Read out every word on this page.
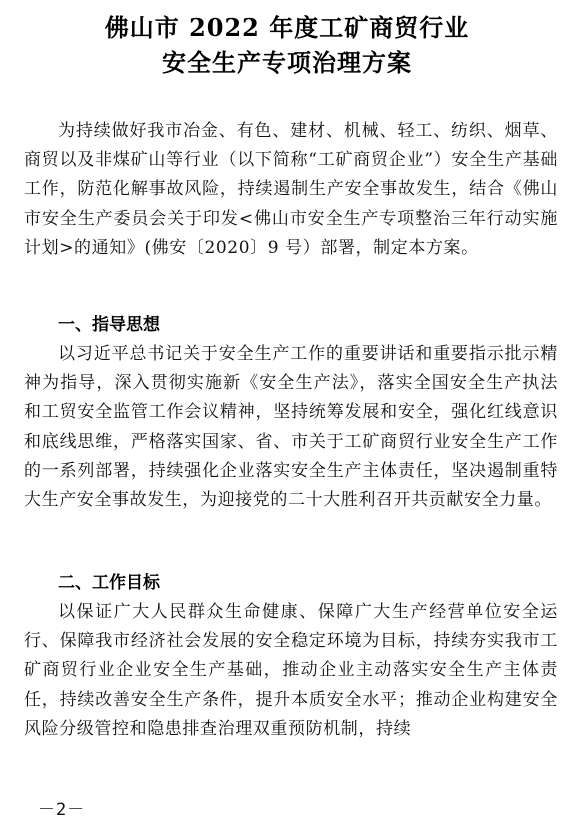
佛山市 2022 年度工矿商贸行业
安全生产专项治理方案
为持续做好我市冶金、有色、建材、机械、轻工、纺织、烟草、商贸以及非煤矿山等行业（以下简称“工矿商贸企业”）安全生产基础工作，防范化解事故风险，持续遏制生产安全事故发生，结合《佛山市安全生产委员会关于印发<佛山市安全生产专项整治三年行动实施计划>的通知》(佛安〔2020〕9 号）部署，制定本方案。
一、指导思想
以习近平总书记关于安全生产工作的重要讲话和重要指示批示精神为指导，深入贯彻实施新《安全生产法》，落实全国安全生产执法和工贸安全监管工作会议精神，坚持统筹发展和安全，强化红线意识和底线思维，严格落实国家、省、市关于工矿商贸行业安全生产工作的一系列部署，持续强化企业落实安全生产主体责任，坚决遏制重特大生产安全事故发生，为迎接党的二十大胜利召开共贡献安全力量。
二、工作目标
以保证广大人民群众生命健康、保障广大生产经营单位安全运行、保障我市经济社会发展的安全稳定环境为目标，持续夯实我市工矿商贸行业企业安全生产基础，推动企业主动落实安全生产主体责任，持续改善安全生产条件，提升本质安全水平；推动企业构建安全风险分级管控和隐患排查治理双重预防机制，持续
－2－
